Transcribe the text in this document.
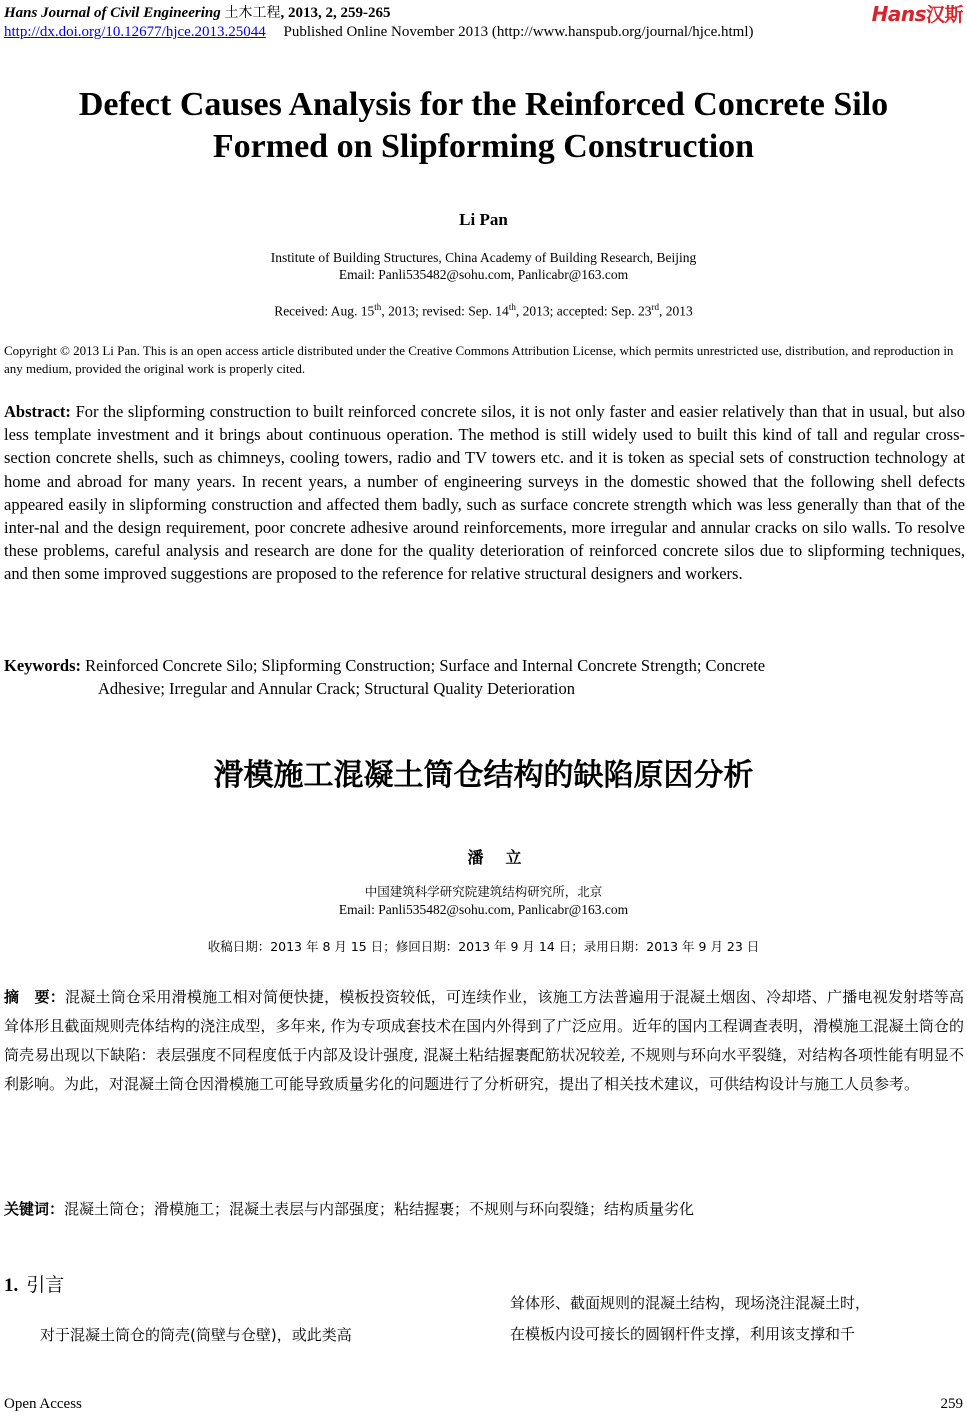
Hans Journal of Civil Engineering 土木工程, 2013, 2, 259-265	Hans汉斯
http://dx.doi.org/10.12677/hjce.2013.25044 Published Online November 2013 (http://www.hanspub.org/journal/hjce.html)
Defect Causes Analysis for the Reinforced Concrete Silo
Formed on Slipforming Construction
Li Pan
Institute of Building Structures, China Academy of Building Research, Beijing
Email: Panli535482@sohu.com, Panlicabr@163.com
Received: Aug. 15th, 2013; revised: Sep. 14th, 2013; accepted: Sep. 23rd, 2013
Copyright © 2013 Li Pan. This is an open access article distributed under the Creative Commons Attribution License, which permits unrestricted use, distribution, and reproduction in any medium, provided the original work is properly cited.
Abstract: For the slipforming construction to built reinforced concrete silos, it is not only faster and easier relatively than that in usual, but also less template investment and it brings about continuous operation. The method is still widely used to built this kind of tall and regular cross-section concrete shells, such as chimneys, cooling towers, radio and TV towers etc. and it is token as special sets of construction technology at home and abroad for many years. In recent years, a number of engineering surveys in the domestic showed that the following shell defects appeared easily in slipforming construction and affected them badly, such as surface concrete strength which was less generally than that of the inter-nal and the design requirement, poor concrete adhesive around reinforcements, more irregular and annular cracks on silo walls. To resolve these problems, careful analysis and research are done for the quality deterioration of reinforced concrete silos due to slipforming techniques, and then some improved suggestions are proposed to the reference for relative structural designers and workers.
Keywords: Reinforced Concrete Silo; Slipforming Construction; Surface and Internal Concrete Strength; Concrete
Adhesive; Irregular and Annular Crack; Structural Quality Deterioration
滑模施工混凝土筒仓结构的缺陷原因分析
潘立
中国建筑科学研究院建筑结构研究所，北京
Email: Panli535482@sohu.com, Panlicabr@163.com
收稿日期：2013 年 8 月 15 日；修回日期：2013 年 9 月 14 日；录用日期：2013 年 9 月 23 日
摘　要：混凝土筒仓采用滑模施工相对简便快捷，模板投资较低，可连续作业，该施工方法普遍用于混凝土烟囱、冷却塔、广播电视发射塔等高耸体形且截面规则壳体结构的浇注成型，多年来, 作为专项成套技术在国内外得到了广泛应用。近年的国内工程调查表明，滑模施工混凝土筒仓的筒壳易出现以下缺陷：表层强度不同程度低于内部及设计强度, 混凝土粘结握裹配筋状况较差, 不规则与环向水平裂缝，对结构各项性能有明显不利影响。为此，对混凝土筒仓因滑模施工可能导致质量劣化的问题进行了分析研究，提出了相关技术建议，可供结构设计与施工人员参考。
关键词：混凝土筒仓；滑模施工；混凝土表层与内部强度；粘结握裹；不规则与环向裂缝；结构质量劣化
1. 引言
对于混凝土筒仓的筒壳(筒壁与仓壁)，或此类高
耸体形、截面规则的混凝土结构，现场浇注混凝土时，
在模板内设可接长的圆钢杆件支撑，利用该支撑和千
Open Access	259
